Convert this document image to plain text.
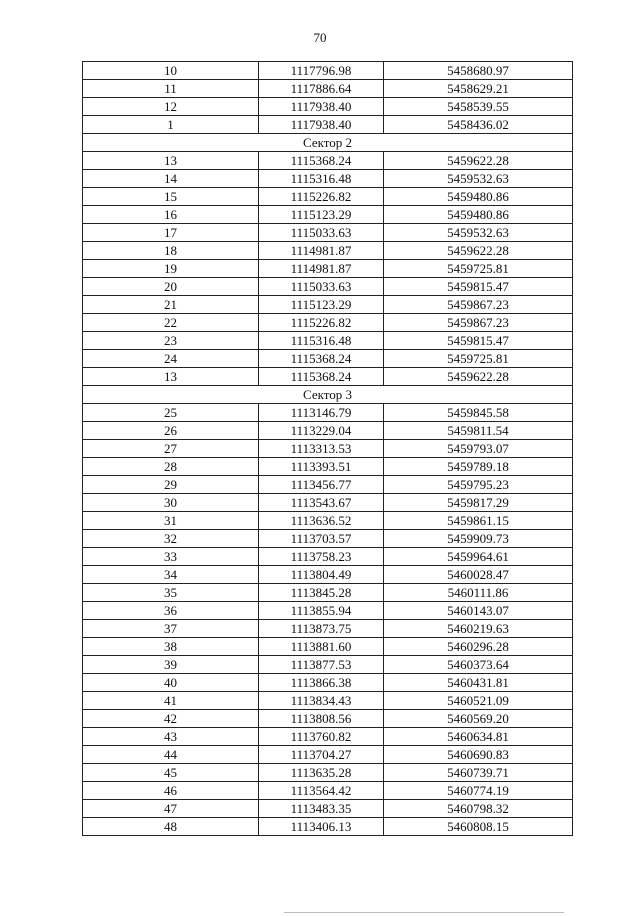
70
10	1117796.98	5458680.97
11	1117886.64	5458629.21
12	1117938.40	5458539.55
1	1117938.40	5458436.02
Сектор 2		
13	1115368.24	5459622.28
14	1115316.48	5459532.63
15	1115226.82	5459480.86
16	1115123.29	5459480.86
17	1115033.63	5459532.63
18	1114981.87	5459622.28
19	1114981.87	5459725.81
20	1115033.63	5459815.47
21	1115123.29	5459867.23
22	1115226.82	5459867.23
23	1115316.48	5459815.47
24	1115368.24	5459725.81
13	1115368.24	5459622.28
Сектор 3		
25	1113146.79	5459845.58
26	1113229.04	5459811.54
27	1113313.53	5459793.07
28	1113393.51	5459789.18
29	1113456.77	5459795.23
30	1113543.67	5459817.29
31	1113636.52	5459861.15
32	1113703.57	5459909.73
33	1113758.23	5459964.61
34	1113804.49	5460028.47
35	1113845.28	5460111.86
36	1113855.94	5460143.07
37	1113873.75	5460219.63
38	1113881.60	5460296.28
39	1113877.53	5460373.64
40	1113866.38	5460431.81
41	1113834.43	5460521.09
42	1113808.56	5460569.20
43	1113760.82	5460634.81
44	1113704.27	5460690.83
45	1113635.28	5460739.71
46	1113564.42	5460774.19
47	1113483.35	5460798.32
48	1113406.13	5460808.15
